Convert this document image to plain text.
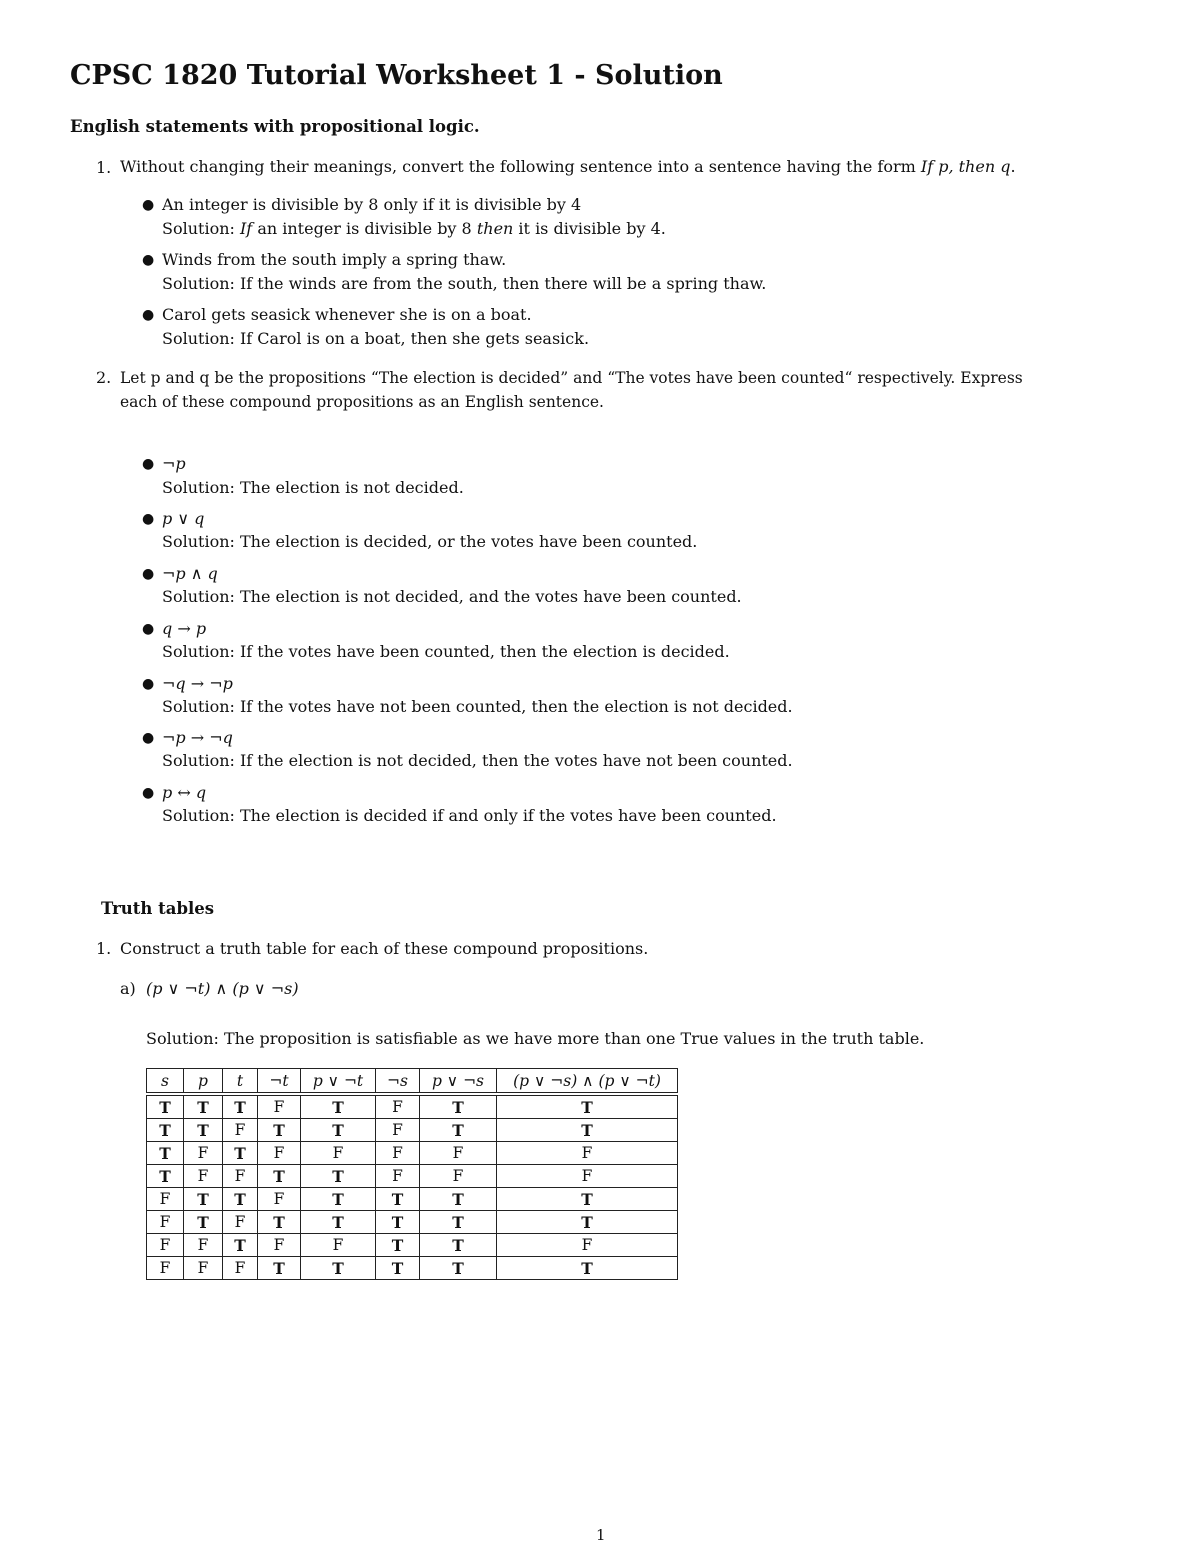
CPSC 1820 Tutorial Worksheet 1 - Solution
English statements with propositional logic.
1. Without changing their meanings, convert the following sentence into a sentence having the form If p, then q.
● An integer is divisible by 8 only if it is divisible by 4
Solution: If an integer is divisible by 8 then it is divisible by 4.
● Winds from the south imply a spring thaw.
Solution: If the winds are from the south, then there will be a spring thaw.
● Carol gets seasick whenever she is on a boat.
Solution: If Carol is on a boat, then she gets seasick.
2. Let p and q be the propositions “The election is decided” and “The votes have been counted“ respectively. Express
each of these compound propositions as an English sentence.
● ¬p
Solution: The election is not decided.
● p ∨ q
Solution: The election is decided, or the votes have been counted.
● ¬p ∧ q
Solution: The election is not decided, and the votes have been counted.
● q → p
Solution: If the votes have been counted, then the election is decided.
● ¬q → ¬p
Solution: If the votes have not been counted, then the election is not decided.
● ¬p → ¬q
Solution: If the election is not decided, then the votes have not been counted.
● p ↔ q
Solution: The election is decided if and only if the votes have been counted.
Truth tables
1. Construct a truth table for each of these compound propositions.
a) (p ∨ ¬t) ∧ (p ∨ ¬s)
Solution: The proposition is satisfiable as we have more than one True values in the truth table.
s	p	t	¬t	p ∨ ¬t	¬s	p ∨ ¬s	(p ∨ ¬s) ∧ (p ∨ ¬t)
T	T	T	F	T	F	T	T
T	T	F	T	T	F	T	T
T	F	T	F	F	F	F	F
T	F	F	T	T	F	F	F
F	T	T	F	T	T	T	T
F	T	F	T	T	T	T	T
F	F	T	F	F	T	T	F
F	F	F	T	T	T	T	T
1
